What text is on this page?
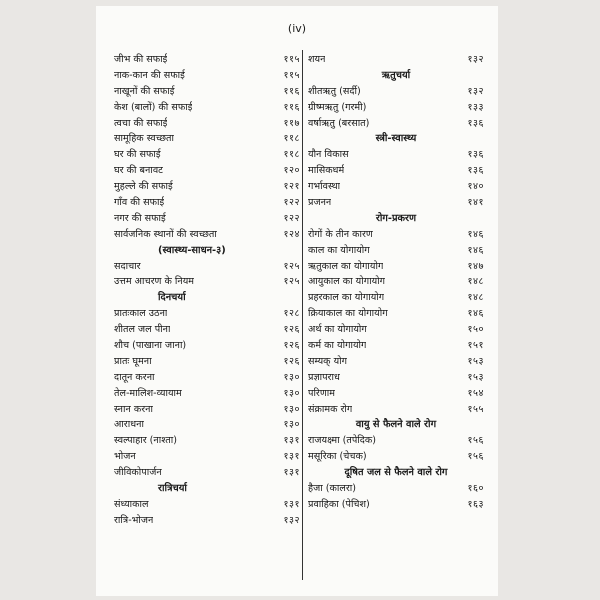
(iv)
जीभ की सफाई	११५
नाक-कान की सफाई	११५
नाखूनों की सफाई	११६
केश (बालों) की सफाई	११६
त्वचा की सफाई	११७
सामूहिक स्वच्छता	११८
घर की सफाई	११८
घर की बनावट	१२०
मुहल्ले की सफाई	१२१
गाँव की सफाई	१२२
नगर की सफाई	१२२
सार्वजनिक स्थानों की स्वच्छता	१२४
(स्वास्थ्य-साधन-३)
सदाचार	१२५
उत्तम आचरण के नियम	१२५
दिनचर्या
प्रातःकाल उठना	१२८
शीतल जल पीना	१२६
शौच (पाखाना जाना)	१२६
प्रातः घूमना	१२६
दातून करना	१३०
तेल-मालिश-व्यायाम	१३०
स्नान करना	१३०
आराधना	१३०
स्वल्पाहार (नाश्ता)	१३१
भोजन	१३१
जीविकोपार्जन	१३१
रात्रिचर्या
संध्याकाल	१३१
रात्रि-भोजन	१३२
शयन	१३२
ऋतुचर्या
शीतऋतु (सर्दी)	१३२
ग्रीष्मऋतु (गरमी)	१३३
वर्षाऋतु (बरसात)	१३६
स्त्री-स्वास्थ्य
यौन विकास	१३६
मासिकधर्म	१३६
गर्भावस्था	१४०
प्रजनन	१४१
रोग-प्रकरण
रोगों के तीन कारण	१४६
काल का योगायोग	१४६
ऋतुकाल का योगायोग	१४७
आयुकाल का योगायोग	१४८
प्रहरकाल का योगायोग	१४८
क्रियाकाल का योगायोग	१४६
अर्थ का योगायोग	१५०
कर्म का योगायोग	१५१
सम्यक् योग	१५३
प्रज्ञापराध	१५३
परिणाम	१५४
संक्रामक रोग	१५५
वायु से फैलने वाले रोग
राजयक्ष्मा (तपेदिक)	१५६
मसूरिका (चेचक)	१५६
दूषित जल से फैलने वाले रोग
हैजा (कालरा)	१६०
प्रवाहिका (पेचिश)	१६३
